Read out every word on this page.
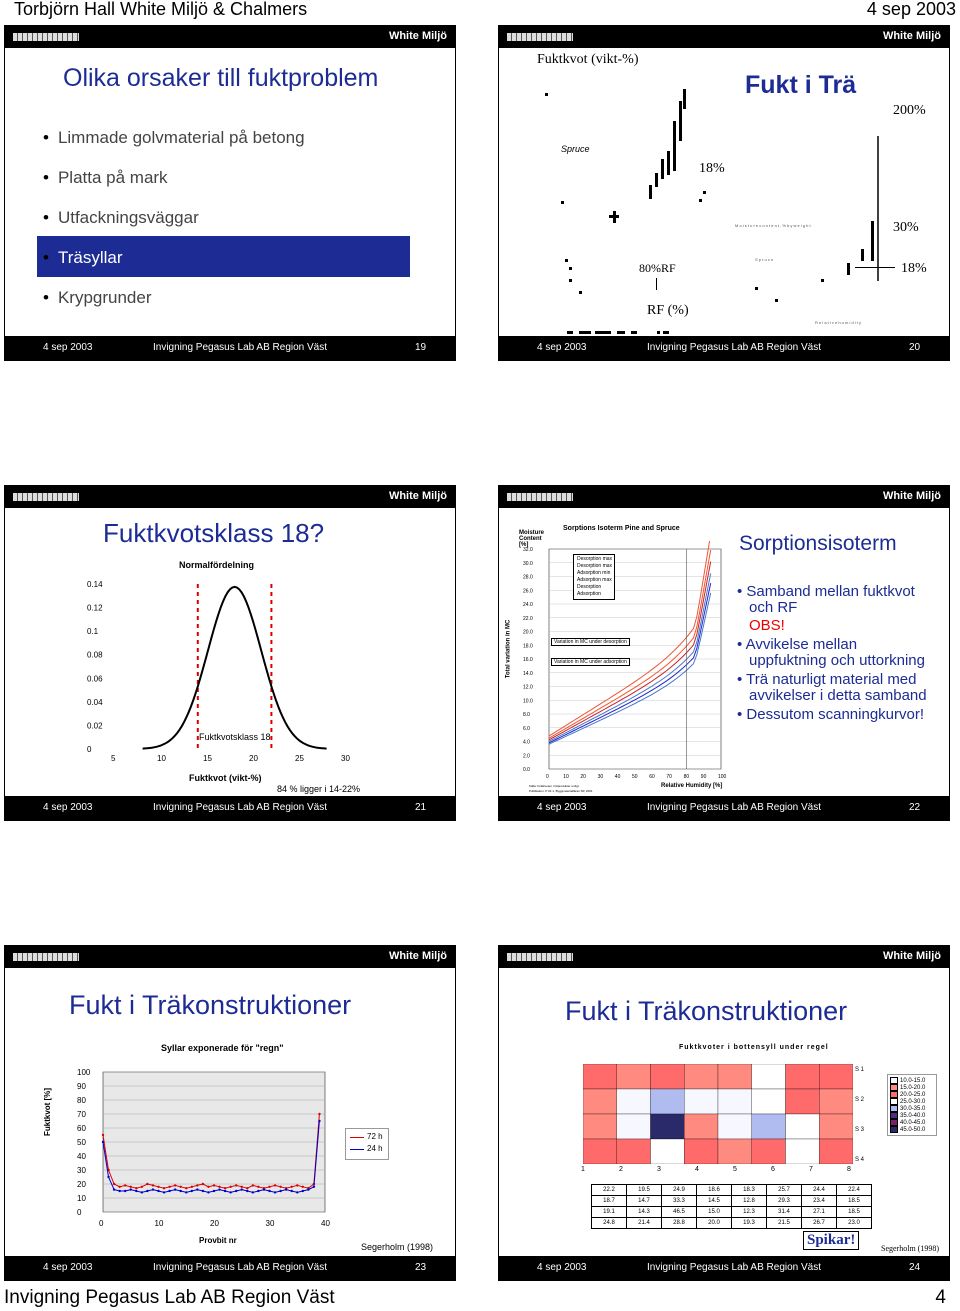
Torbjörn Hall White Miljö & Chalmers	4 sep 2003
White Miljö
Olika orsaker till fuktproblem
• Limmade golvmaterial på betong
• Platta på mark
• Utfackningsväggar
• Träsyllar
• Krypgrunder
4 sep 2003	Invigning Pegasus Lab AB Region Väst	19
White Miljö
Fuktkvot (vikt-%)
Fukt i Trä
200%
Spruce
18%
M o i s t u r e c o n t e n t , % b y w e i g h t	30%
S p r u c e
80%RF	18%
RF (%)
R e l a t i v e h u m i d i t y
4 sep 2003	Invigning Pegasus Lab AB Region Väst	20
White Miljö
Fuktkvotsklass 18?
Normalfördelning
0.14
0.12
0.1
0.08
0.06
0.04
0.02
0
5	10	15	20	25	30
Fuktkvotsklass 18
Fuktkvot (vikt-%)
84 % ligger i 14-22%
4 sep 2003	Invigning Pegasus Lab AB Region Väst	21
White Miljö
Moisture Content [%]
Sorptions Isoterm Pine and Spruce
Total variation in MC
32.0
30.0
28.0
26.0
24.0
22.0
20.0
18.0
16.0
14.0
12.0
10.0
8.0
6.0
4.0
2.0
0.0
0	10 20 30 40 50 60 70 80 90 100
Desorption max
Desorption max
Adsorption min
Adsorption max
Desorption
Adsorption
Variation in MC under desorption
Variation in MC under adsorption
Relative Humidity [%]
Källa: Fuktkvoten i träprodukter enligt..
Publikation: P 01:1, Byggmaterialläran SP, 2001
Sorptionsisoterm
• Samband mellan fuktkvot och RF
OBS!
• Avvikelse mellan uppfuktning och uttorkning
• Trä naturligt material med avvikelser i detta samband
• Dessutom scanningkurvor!
4 sep 2003	Invigning Pegasus Lab AB Region Väst	22
White Miljö
Fukt i Träkonstruktioner
Syllar exponerade för "regn"
Fuktkvot [%]
100
90
80
70
60
50
40
30
20
10
0
0	10	20	30	40
72 h
24 h
Provbit nr
Segerholm (1998)
4 sep 2003	Invigning Pegasus Lab AB Region Väst	23
White Miljö
Fukt i Träkonstruktioner
Fuktkvoter i bottensyll under regel
S 1
S 2
S 3
S 4
10.0-15.0
15.0-20.0
20.0-25.0
25.0-30.0
30.0-35.0
35.0-40.0
40.0-45.0
45.0-50.0
1	2	3	4	5	6	7	8
22.2	19.5	24.9	18.6	18.3	25.7	24.4	22.4
18.7	14.7	33.3	14.5	12.8	29.3	23.4	18.5
19.1	14.3	46.5	15.0	12.3	31.4	27.1	18.5
24.8	21.4	28.8	20.0	19.3	21.5	26.7	23.0
Spikar!
Segerholm (1998)
4 sep 2003	Invigning Pegasus Lab AB Region Väst	24
Invigning Pegasus Lab AB Region Väst	4
